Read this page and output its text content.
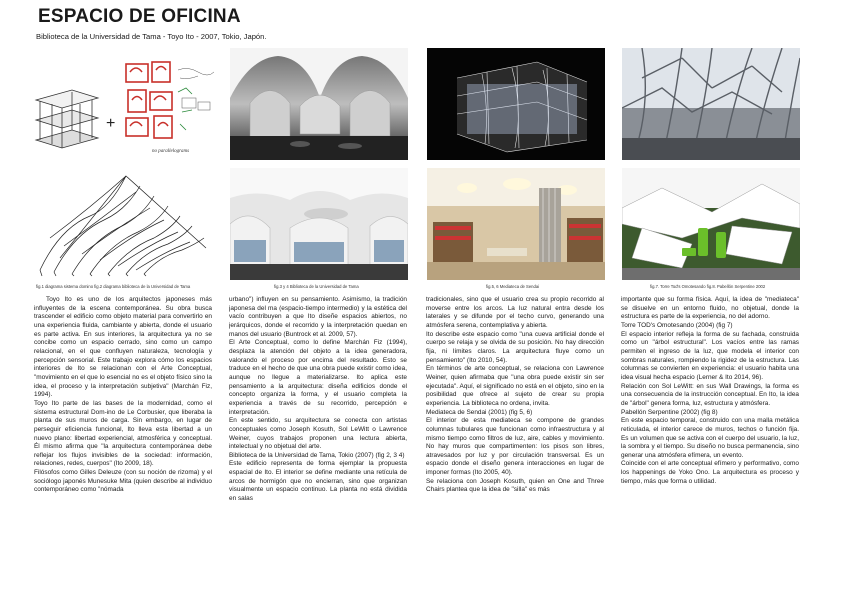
ESPACIO DE OFICINA
Biblioteca de la Universidad de Tama - Toyo Ito - 2007, Tokio, Japón.
+
no parallelograms
fig.1 diagrama sistema domino fig.2 diagrama biblioteca de la Universidad de Tama	fig.3 y 4 Biblioteca de la Universidad de Tama	fig.5, 6 Mediateca de Sendai	fig.7. Torre Tod's Omotesando fig.8. Pabellón Serpentine 2002

Toyo Ito es uno de los arquitectos japoneses más influyentes de la escena contemporánea. Su obra busca trascender el edificio como objeto material para convertirlo en una experiencia fluida, cambiante y abierta, donde el usuario es parte activa. En sus interiores, la arquitectura ya no se concibe como un espacio cerrado, sino como un campo relacional, en el que confluyen naturaleza, tecnología y percepción sensorial. Este trabajo explora cómo los espacios interiores de Ito se relacionan con el Arte Conceptual, "movimiento en el que lo esencial no es el objeto físico sino la idea, el proceso y la interpretación subjetiva" (Marchán Fiz, 1994).

Toyo Ito parte de las bases de la modernidad, como el sistema estructural Dom-ino de Le Corbusier, que liberaba la planta de sus muros de carga. Sin embargo, en lugar de perseguir eficiencia funcional, Ito lleva esta libertad a un nuevo plano: libertad experiencial, atmosférica y conceptual. Él mismo afirma que "la arquitectura contemporánea debe reflejar los flujos invisibles de la sociedad: información, relaciones, redes, cuerpos" (Ito 2009, 18).

Filósofos como Gilles Deleuze (con su noción de rizoma) y el sociólogo japonés Munesuke Mita (quien describe al individuo contemporáneo como "nómada

urbano") influyen en su pensamiento. Asimismo, la tradición japonesa del ma (espacio-tiempo intermedio) y la estética del vacío contribuyen a que Ito diseñe espacios abiertos, no jerárquicos, donde el recorrido y la interpretación quedan en manos del usuario (Buntrock et al. 2009, 57).

El Arte Conceptual, como lo define Marchán Fiz (1994), desplaza la atención del objeto a la idea generadora, valorando el proceso por encima del resultado. Esto se traduce en el hecho de que una obra puede existir como idea, aunque no llegue a materializarse. Ito aplica este pensamiento a la arquitectura: diseña edificios donde el concepto organiza la forma, y el usuario completa la experiencia a través de su recorrido, percepción e interpretación.

En este sentido, su arquitectura se conecta con artistas conceptuales como Joseph Kosuth, Sol LeWitt o Lawrence Weiner, cuyos trabajos proponen una lectura abierta, intelectual y no objetual del arte.

Biblioteca de la Universidad de Tama, Tokio (2007) (fig 2, 3 4)

Este edificio representa de forma ejemplar la propuesta espacial de Ito. El interior se define mediante una retícula de arcos de hormigón que no encierran, sino que organizan visualmente un espacio continuo. La planta no está dividida en salas

tradicionales, sino que el usuario crea su propio recorrido al moverse entre los arcos. La luz natural entra desde los laterales y se difunde por el techo curvo, generando una atmósfera serena, contemplativa y abierta.

Ito describe este espacio como "una cueva artificial donde el cuerpo se relaja y se olvida de su posición. No hay dirección fija, ni límites claros. La arquitectura fluye como un pensamiento" (Ito 2010, 54).

En términos de arte conceptual, se relaciona con Lawrence Weiner, quien afirmaba que "una obra puede existir sin ser ejecutada". Aquí, el significado no está en el objeto, sino en la posibilidad que ofrece al sujeto de crear su propia experiencia. La biblioteca no ordena, invita.

Mediateca de Sendai (2001) (fig 5, 6)

El interior de esta mediateca se compone de grandes columnas tubulares que funcionan como infraestructura y al mismo tiempo como filtros de luz, aire, cables y movimiento. No hay muros que compartimenten: los pisos son libres, atravesados por luz y por circulación transversal. Es un espacio donde el diseño genera interacciones en lugar de imponer formas (Ito 2005, 40).

Se relaciona con Joseph Kosuth, quien en One and Three Chairs plantea que la idea de "silla" es más

importante que su forma física. Aquí, la idea de "mediateca" se disuelve en un entorno fluido, no objetual, donde la estructura es parte de la experiencia, no del adorno.

Torre TOD's Omotesando (2004) (fig 7)

El espacio interior refleja la forma de su fachada, construida como un "árbol estructural". Los vacíos entre las ramas permiten el ingreso de la luz, que modela el interior con sombras naturales, rompiendo la rigidez de la estructura. Las columnas se convierten en experiencia: el usuario habita una idea visual hecha espacio (Lerner & Ito 2014, 96).

Relación con Sol LeWitt: en sus Wall Drawings, la forma es una consecuencia de la instrucción conceptual. En Ito, la idea de "árbol" genera forma, luz, estructura y atmósfera.

Pabellón Serpentine (2002) (fig 8)

En este espacio temporal, construido con una malla metálica reticulada, el interior carece de muros, techos o función fija. Es un volumen que se activa con el cuerpo del usuario, la luz, la sombra y el tiempo. Su diseño no busca permanencia, sino generar una atmósfera efímera, un evento.

Coincide con el arte conceptual efímero y performativo, como los happenings de Yoko Ono. La arquitectura es proceso y tiempo, más que forma o utilidad.
